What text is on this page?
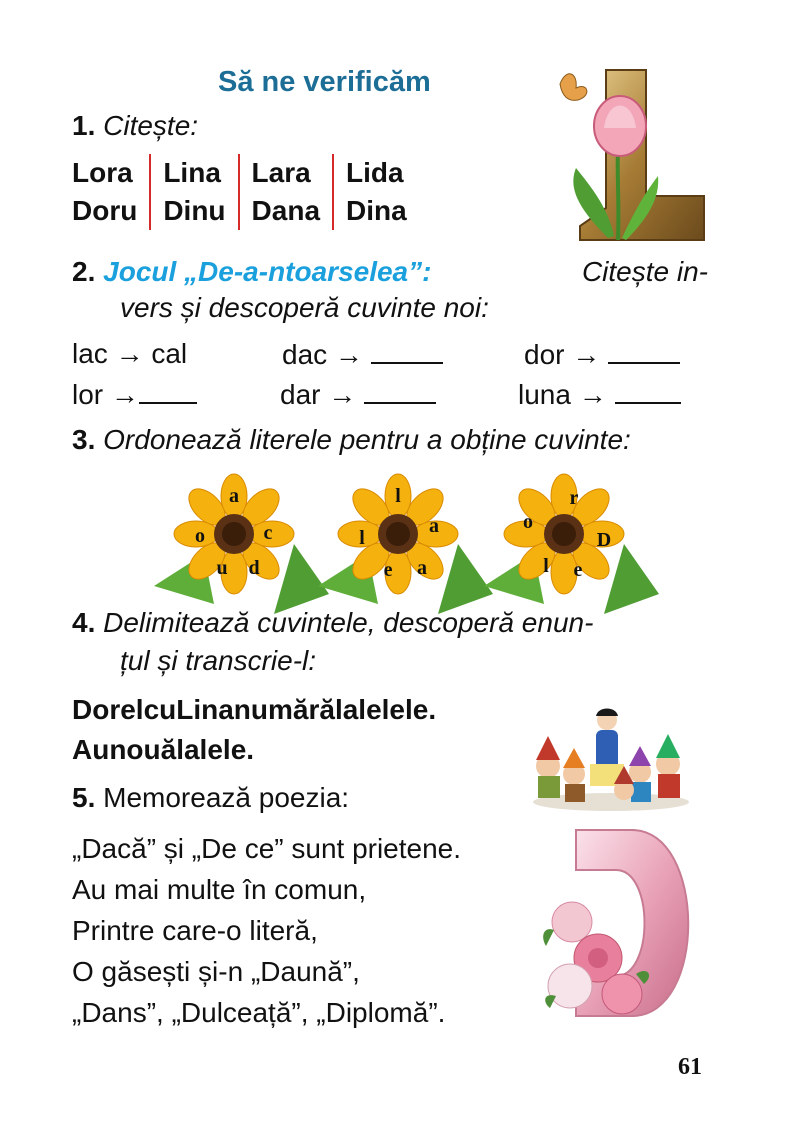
Să ne verificăm
1. Citește:
Lora	Lina	Lara	Lida
Doru	Dinu	Dana	Dina
2. Jocul „De-a-ntoarselea”:	Citește in-
vers și descoperă cuvinte noi:
lac → cal	dac →	dor →
lor →	dar →	luna →
3. Ordonează literele pentru a obține cuvinte:
a
c
d
u
o
l
a
a
e
l
r
D
e
l
o
4. Delimitează cuvintele, descoperă enun-
țul și transcrie-l:
DorelcuLinanumărălalelele.
Aunouălalele.
5. Memorează poezia:
„Dacă” și „De ce” sunt prietene.
Au mai multe în comun,
Printre care-o literă,
O găsești și-n „Daună”,
„Dans”, „Dulceață”, „Diplomă”.
61
